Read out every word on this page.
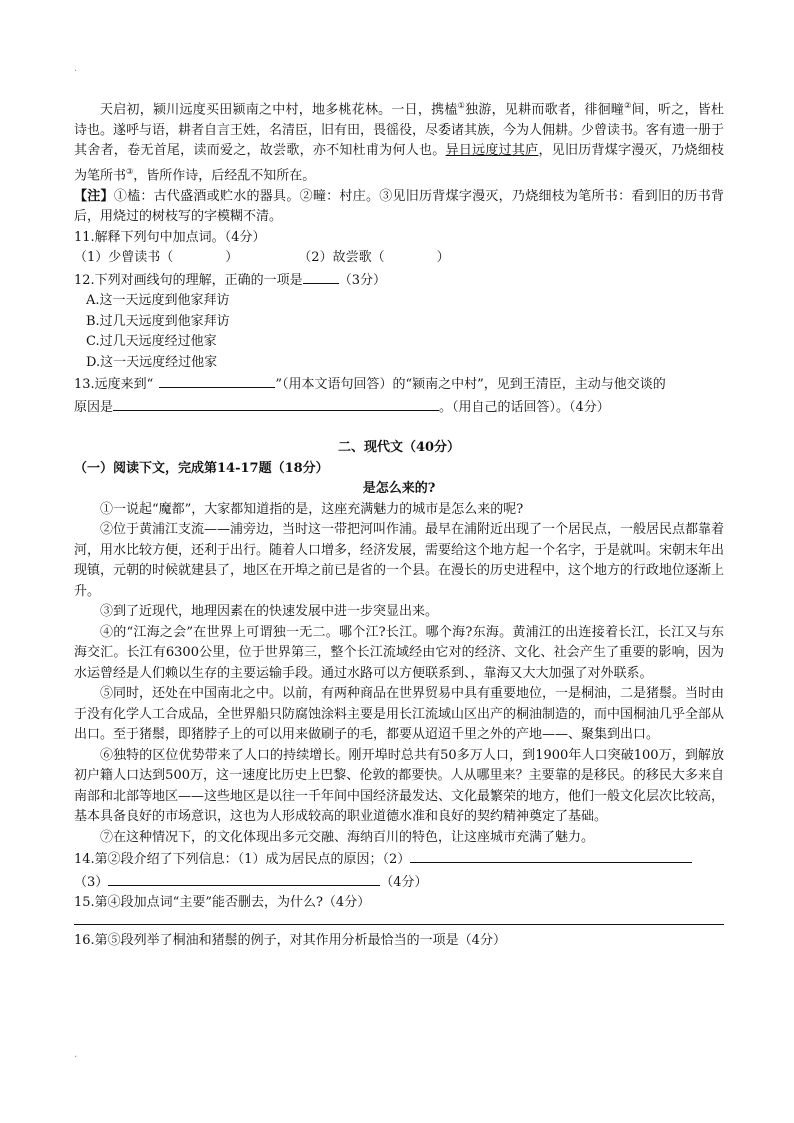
.

天启初，颍川远度买田颍南之中村，地多桃花林。一日，携榼①独游，见耕而歌者，徘徊疃②间，听之，皆杜诗也。遂呼与语，耕者自言王姓，名清臣，旧有田，畏徭役，尽委诸其族，今为人佣耕。少曾读书。客有遗一册于其舍者，卷无首尾，读而爱之，故尝歌，亦不知杜甫为何人也。异日远度过其庐，见旧历背煤字漫灭，乃烧细枝为笔所书③，皆所作诗，后经乱不知所在。

【注】①榼：古代盛酒或贮水的器具。②疃：村庄。③见旧历背煤字漫灭，乃烧细枝为笔所书：看到旧的历书背后，用烧过的树枝写的字模糊不清。

11.解释下列句中加点词。（4分）

（1）少曾读书（	）	（2）故尝歌（	）

12.下列对画线句的理解，正确的一项是	（3分）

A.这一天远度到他家拜访

B.过几天远度到他家拜访

C.过几天远度经过他家

D.这一天远度经过他家

13.远度来到“	”（用本文语句回答）的“颍南之中村”，见到王清臣，主动与他交谈的

原因是	。（用自己的话回答）。（4分）

二、现代文（40分）

（一）阅读下文，完成第14-17题（18分）

是怎么来的?

①一说起“魔都”，大家都知道指的是，这座充满魅力的城市是怎么来的呢?

②位于黄浦江支流——浦旁边，当时这一带把河叫作浦。最早在浦附近出现了一个居民点，一般居民点都靠着河，用水比较方便，还利于出行。随着人口增多，经济发展，需要给这个地方起一个名字，于是就叫。宋朝末年出现镇，元朝的时候就建县了，地区在开埠之前已是省的一个县。在漫长的历史进程中，这个地方的行政地位逐渐上升。

③到了近现代，地理因素在的快速发展中进一步突显出来。

④的“江海之会”在世界上可谓独一无二。哪个江?长江。哪个海?东海。黄浦江的出连接着长江，长江又与东海交汇。长江有6300公里，位于世界第三，整个长江流域经由它对的经济、文化、社会产生了重要的影响，因为水运曾经是人们赖以生存的主要运输手段。通过水路可以方便联系到、，靠海又大大加强了对外联系。

⑤同时，还处在中国南北之中。以前，有两种商品在世界贸易中具有重要地位，一是桐油，二是猪鬃。当时由于没有化学人工合成品，全世界船只防腐蚀涂料主要是用长江流域山区出产的桐油制造的，而中国桐油几乎全部从出口。至于猪鬃，即猪脖子上的可以用来做刷子的毛，都要从迢迢千里之外的产地——、聚集到出口。

⑥独特的区位优势带来了人口的持续增长。刚开埠时总共有50多万人口，到1900年人口突破100万，到解放初户籍人口达到500万，这一速度比历史上巴黎、伦敦的都要快。人从哪里来？主要靠的是移民。的移民大多来自南部和北部等地区——这些地区是以往一千年间中国经济最发达、文化最繁荣的地方，他们一般文化层次比较高，基本具备良好的市场意识，这也为人形成较高的职业道德水准和良好的契约精神奠定了基础。

⑦在这种情况下，的文化体现出多元交融、海纳百川的特色，让这座城市充满了魅力。

14.第②段介绍了下列信息：（1）成为居民点的原因；（2）

（3）	（4分）

15.第④段加点词“主要”能否删去，为什么?（4分）

16.第⑤段列举了桐油和猪鬃的例子，对其作用分析最恰当的一项是（4分）

.
